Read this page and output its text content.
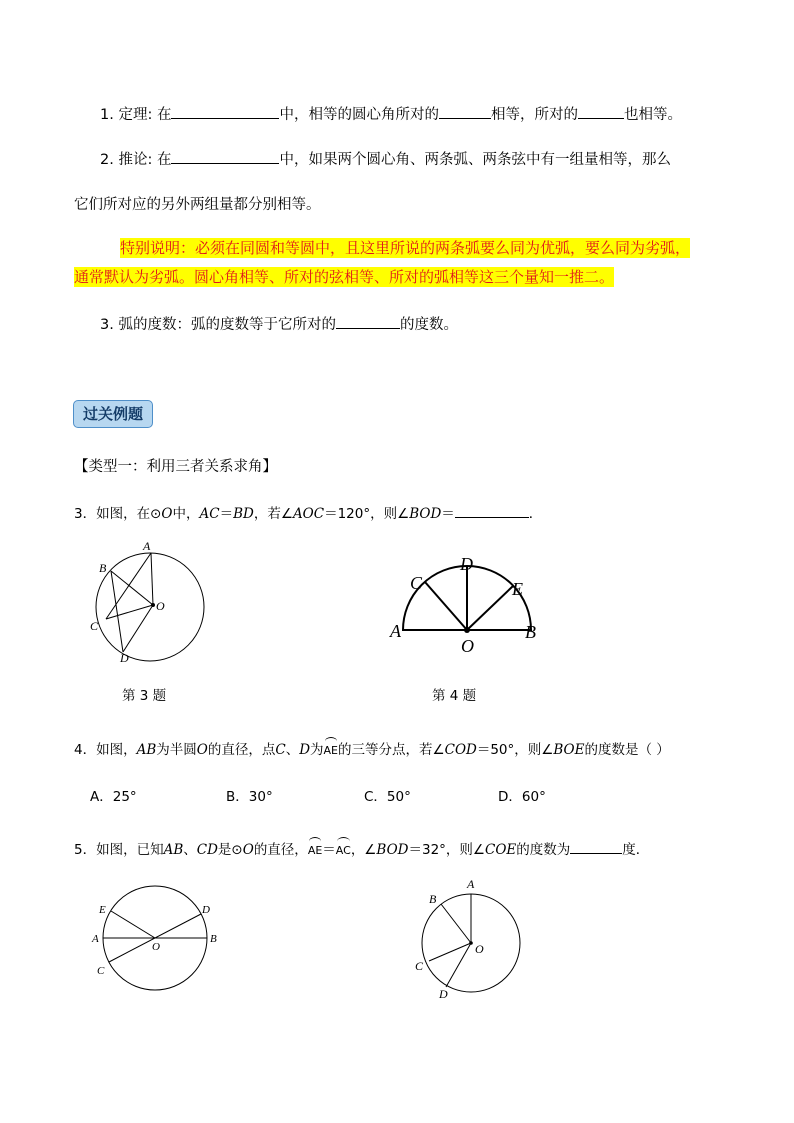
1. 定理: 在	中，相等的圆心角所对的	相等，所对的	也相等。
2. 推论: 在	中，如果两个圆心角、两条弧、两条弦中有一组量相等，那么
它们所对应的另外两组量都分别相等。
特别说明：必须在同圆和等圆中，且这里所说的两条弧要么同为优弧，要么同为劣弧，
通常默认为劣弧。圆心角相等、所对的弦相等、所对的弧相等这三个量知一推二。
3. 弧的度数：弧的度数等于它所对的	的度数。
过关例题
【类型一：利用三者关系求角】
3．如图，在⊙O中，AC＝BD，若∠AOC＝120°，则∠BOD＝	．
A
B
C
D
O
第 3 题
C
D
E
A	B
O
第 4 题
4．如图，AB为半圆O的直径，点C、D为AE的三等分点，若∠COD＝50°，则∠BOE的度数是（ ）
A．25°	B．30°	C．50°	D．60°
5．如图，已知AB、CD是⊙O的直径，AE＝AC，∠BOD＝32°，则∠COE的度数为	度．
E
A
C
D
B
O
A
B
C
D
O
